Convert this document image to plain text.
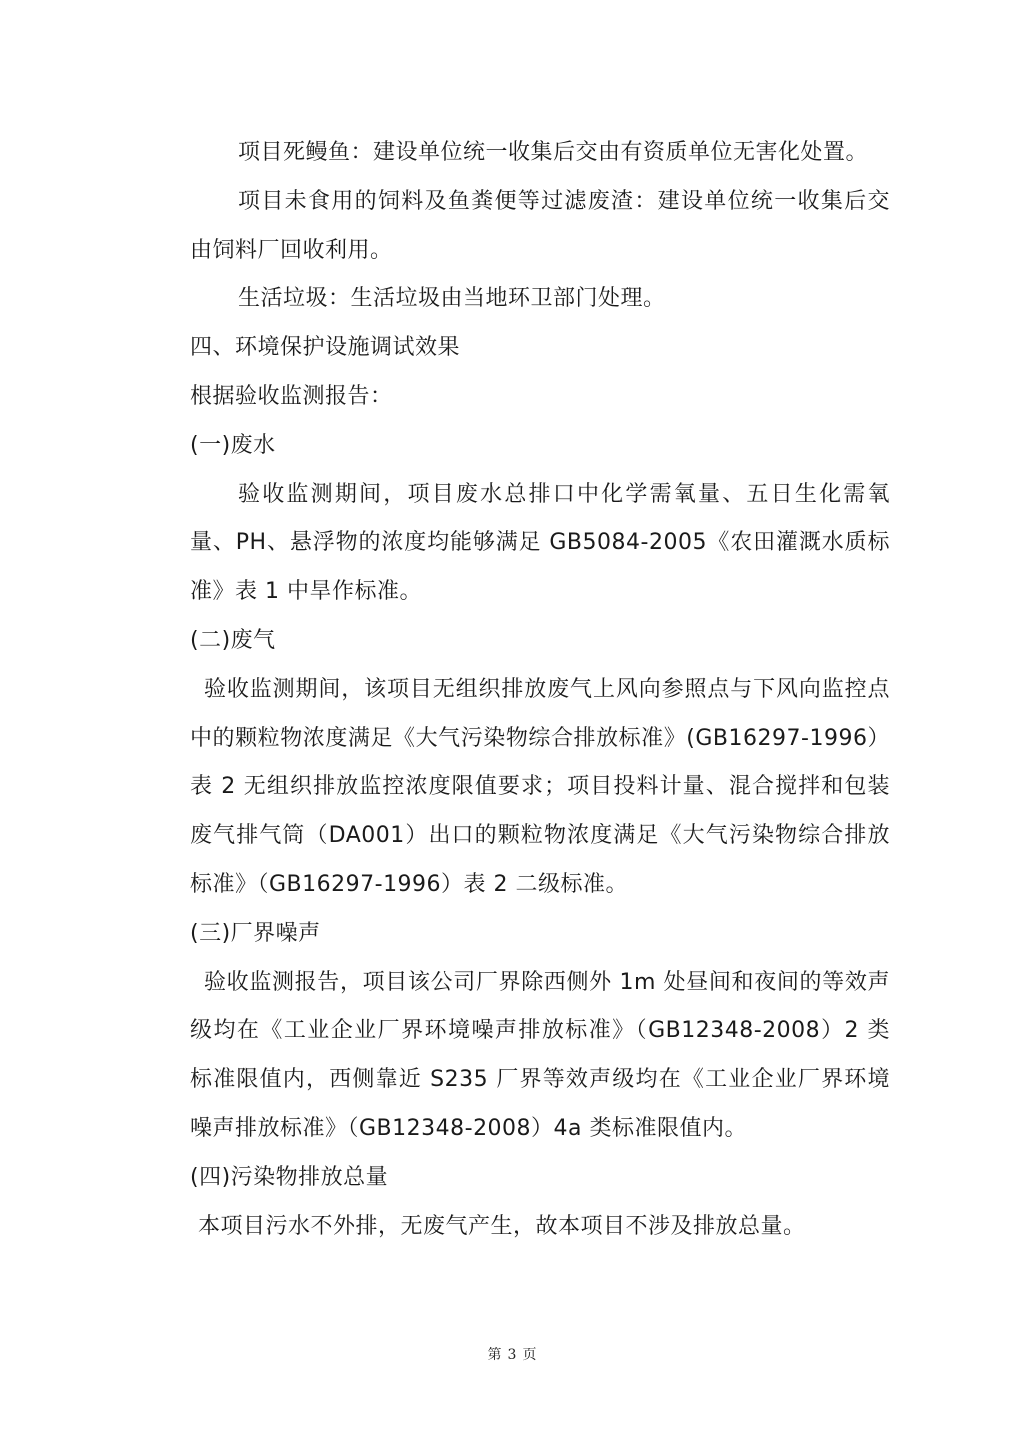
项目死鳗鱼：建设单位统一收集后交由有资质单位无害化处置。

项目未食用的饲料及鱼粪便等过滤废渣：建设单位统一收集后交由饲料厂回收利用。

生活垃圾：生活垃圾由当地环卫部门处理。

四、环境保护设施调试效果

根据验收监测报告：

(一)废水

验收监测期间，项目废水总排口中化学需氧量、五日生化需氧量、PH、悬浮物的浓度均能够满足 GB5084-2005《农田灌溉水质标准》表 1 中旱作标准。

(二)废气

验收监测期间，该项目无组织排放废气上风向参照点与下风向监控点中的颗粒物浓度满足《大气污染物综合排放标准》(GB16297-1996）表 2 无组织排放监控浓度限值要求；项目投料计量、混合搅拌和包装废气排气筒（DA001）出口的颗粒物浓度满足《大气污染物综合排放标准》（GB16297-1996）表 2 二级标准。

(三)厂界噪声

验收监测报告，项目该公司厂界除西侧外 1m 处昼间和夜间的等效声级均在《工业企业厂界环境噪声排放标准》（GB12348-2008）2 类标准限值内，西侧靠近 S235 厂界等效声级均在《工业企业厂界环境噪声排放标准》（GB12348-2008）4a 类标准限值内。

(四)污染物排放总量

本项目污水不外排，无废气产生，故本项目不涉及排放总量。

第 3 页
